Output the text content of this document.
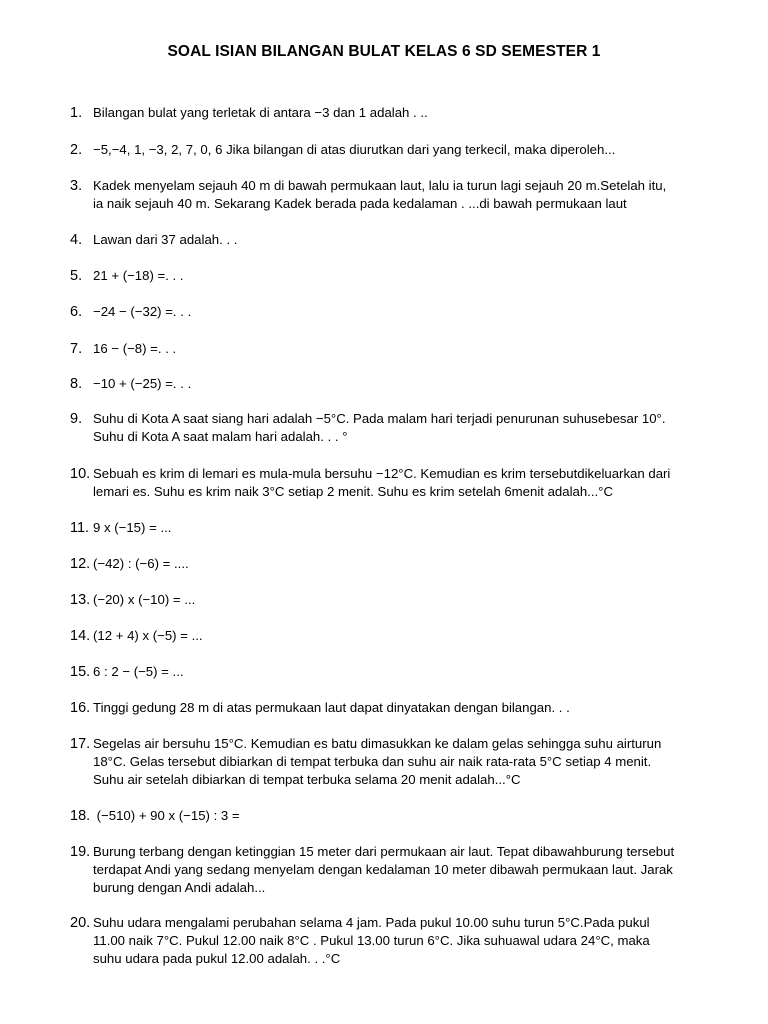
SOAL ISIAN BILANGAN BULAT KELAS 6 SD SEMESTER 1
1. Bilangan bulat yang terletak di antara −3 dan 1 adalah . ..
2. −5,−4, 1, −3, 2, 7, 0, 6 Jika bilangan di atas diurutkan dari yang terkecil, maka diperoleh...
3. Kadek menyelam sejauh 40 m di bawah permukaan laut, lalu ia turun lagi sejauh 20 m.Setelah itu,
ia naik sejauh 40 m. Sekarang Kadek berada pada kedalaman . ...di bawah permukaan laut
4. Lawan dari 37 adalah. . .
5. 21 + (−18) =. . .
6. −24 − (−32) =. . .
7. 16 − (−8) =. . .
8. −10 + (−25) =. . .
9. Suhu di Kota A saat siang hari adalah −5°C. Pada malam hari terjadi penurunan suhusebesar 10°.
Suhu di Kota A saat malam hari adalah. . . °
10. Sebuah es krim di lemari es mula-mula bersuhu −12°C. Kemudian es krim tersebutdikeluarkan dari
lemari es. Suhu es krim naik 3°C setiap 2 menit. Suhu es krim setelah 6menit adalah...°C
11. 9 x (−15) = ...
12. (−42) : (−6) = ....
13. (−20) x (−10) = ...
14. (12 + 4) x (−5) = ...
15. 6 : 2 − (−5) = ...
16. Tinggi gedung 28 m di atas permukaan laut dapat dinyatakan dengan bilangan. . .
17. Segelas air bersuhu 15°C. Kemudian es batu dimasukkan ke dalam gelas sehingga suhu airturun
18°C. Gelas tersebut dibiarkan di tempat terbuka dan suhu air naik rata-rata 5°C setiap 4 menit.
Suhu air setelah dibiarkan di tempat terbuka selama 20 menit adalah...°C
18. (−510) + 90 x (−15) : 3 =
19. Burung terbang dengan ketinggian 15 meter dari permukaan air laut. Tepat dibawahburung tersebut
terdapat Andi yang sedang menyelam dengan kedalaman 10 meter dibawah permukaan laut. Jarak
burung dengan Andi adalah...
20. Suhu udara mengalami perubahan selama 4 jam. Pada pukul 10.00 suhu turun 5°C.Pada pukul
11.00 naik 7°C. Pukul 12.00 naik 8°C . Pukul 13.00 turun 6°C. Jika suhuawal udara 24°C, maka
suhu udara pada pukul 12.00 adalah. . .°C
